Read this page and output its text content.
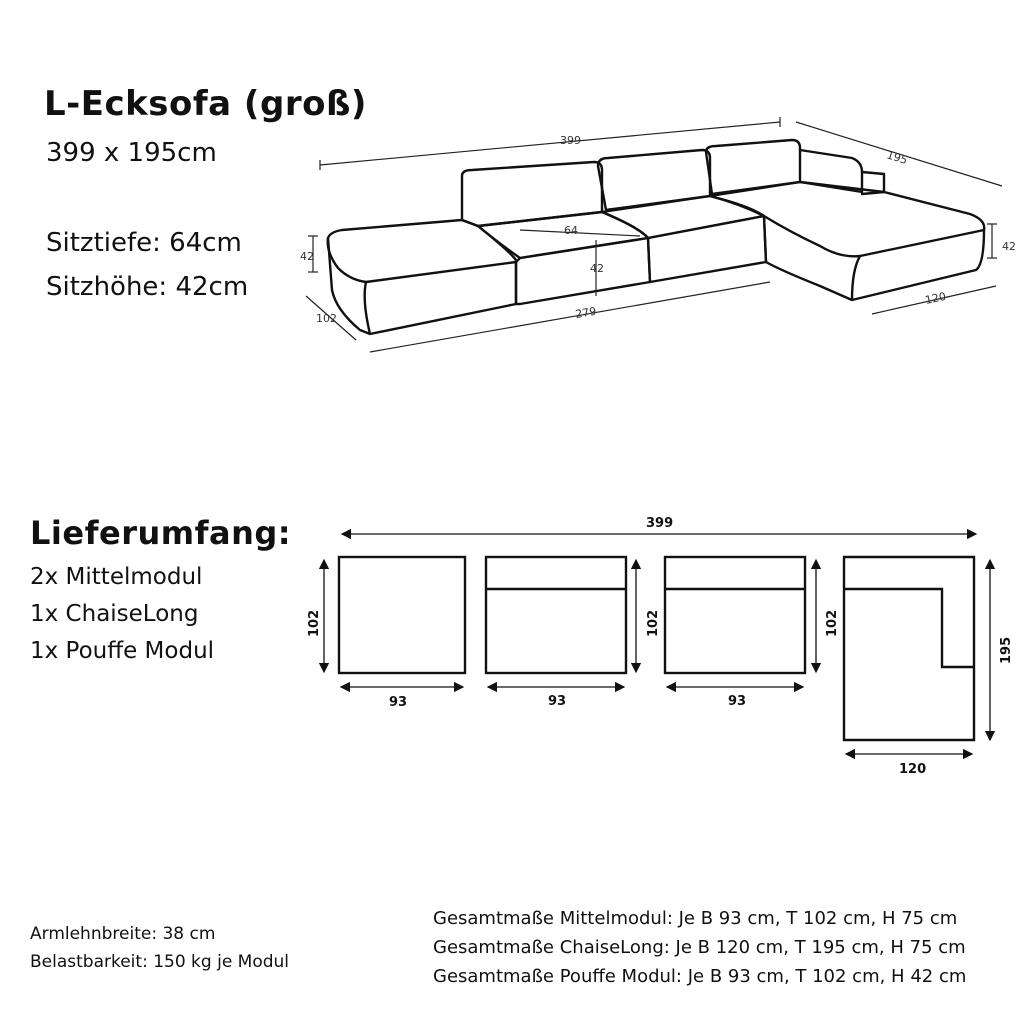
L-Ecksofa (groß)
399 x 195cm
Sitztiefe: 64cm
Sitzhöhe: 42cm
Lieferumfang:
2x Mittelmodul
1x ChaiseLong
1x Pouffe Modul
Armlehnbreite: 38 cm
Belastbarkeit: 150 kg je Modul
Gesamtmaße Mittelmodul: Je B 93 cm, T 102 cm, H 75 cm
Gesamtmaße ChaiseLong: Je B 120 cm, T 195 cm, H 75 cm
Gesamtmaße Pouffe Modul: Je B 93 cm, T 102 cm, H 42 cm
399
195
42
42
102
64
42
279
120
399
102
93	93
102
93
102
195
120
